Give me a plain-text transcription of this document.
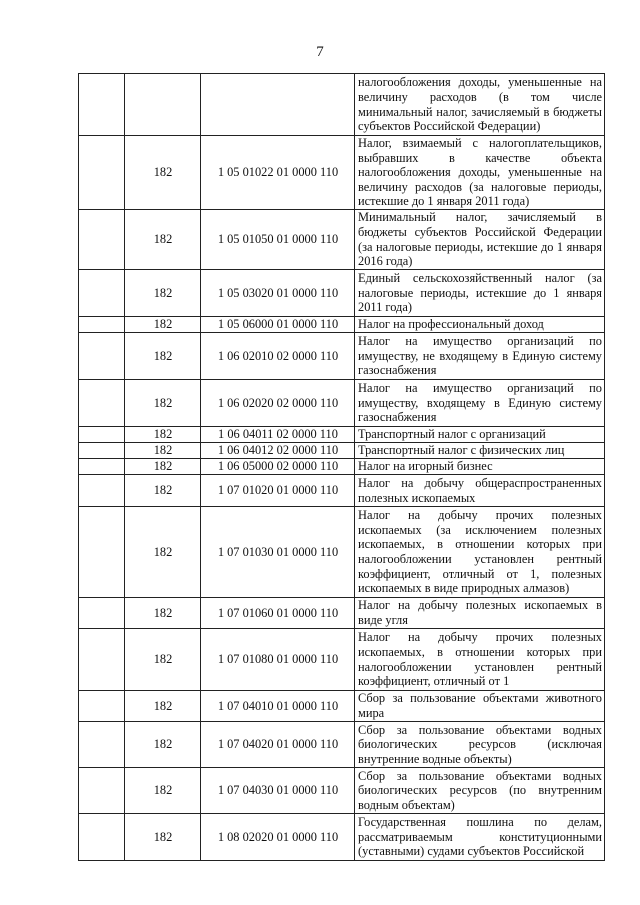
7
			налогообложения доходы, уменьшенные на величину расходов (в том числе минимальный налог, зачисляемый в бюджеты субъектов Российской Федерации)
	182	1 05 01022 01 0000 110	Налог, взимаемый с налогоплательщиков, выбравших в качестве объекта налогообложения доходы, уменьшенные на величину расходов (за налоговые периоды, истекшие до 1 января 2011 года)
	182	1 05 01050 01 0000 110	Минимальный налог, зачисляемый в бюджеты субъектов Российской Федерации (за налоговые периоды, истекшие до 1 января 2016 года)
	182	1 05 03020 01 0000 110	Единый сельскохозяйственный налог (за налоговые периоды, истекшие до 1 января 2011 года)
	182	1 05 06000 01 0000 110	Налог на профессиональный доход
	182	1 06 02010 02 0000 110	Налог на имущество организаций по имуществу, не входящему в Единую систему газоснабжения
	182	1 06 02020 02 0000 110	Налог на имущество организаций по имуществу, входящему в Единую систему газоснабжения
	182	1 06 04011 02 0000 110	Транспортный налог с организаций
	182	1 06 04012 02 0000 110	Транспортный налог с физических лиц
	182	1 06 05000 02 0000 110	Налог на игорный бизнес
	182	1 07 01020 01 0000 110	Налог на добычу общераспространенных полезных ископаемых
	182	1 07 01030 01 0000 110	Налог на добычу прочих полезных ископаемых (за исключением полезных ископаемых, в отношении которых при налогообложении установлен рентный коэффициент, отличный от 1, полезных ископаемых в виде природных алмазов)
	182	1 07 01060 01 0000 110	Налог на добычу полезных ископаемых в виде угля
	182	1 07 01080 01 0000 110	Налог на добычу прочих полезных ископаемых, в отношении которых при налогообложении установлен рентный коэффициент, отличный от 1
	182	1 07 04010 01 0000 110	Сбор за пользование объектами животного мира
	182	1 07 04020 01 0000 110	Сбор за пользование объектами водных биологических ресурсов (исключая внутренние водные объекты)
	182	1 07 04030 01 0000 110	Сбор за пользование объектами водных биологических ресурсов (по внутренним водным объектам)
	182	1 08 02020 01 0000 110	Государственная пошлина по делам, рассматриваемым конституционными (уставными) судами субъектов Российской
